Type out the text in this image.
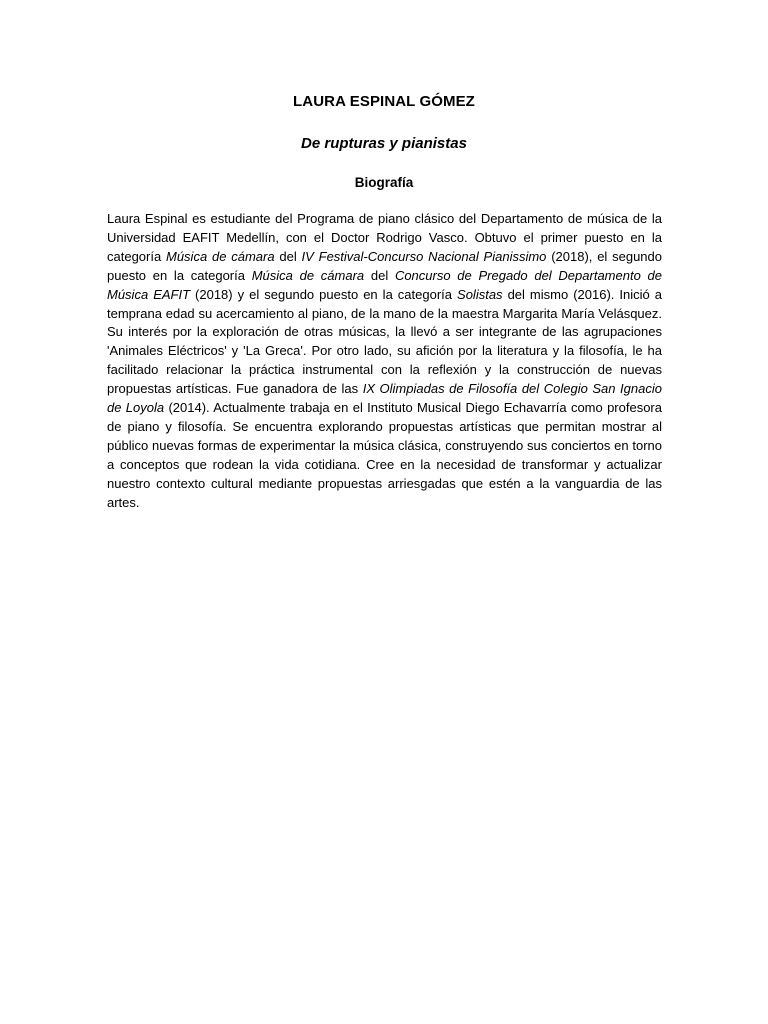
LAURA ESPINAL GÓMEZ
De rupturas y pianistas
Biografía

Laura Espinal es estudiante del Programa de piano clásico del Departamento de música de la Universidad EAFIT Medellín, con el Doctor Rodrigo Vasco. Obtuvo el primer puesto en la categoría Música de cámara del IV Festival-Concurso Nacional Pianissimo (2018), el segundo puesto en la categoría Música de cámara del Concurso de Pregado del Departamento de Música EAFIT (2018) y el segundo puesto en la categoría Solistas del mismo (2016). Inició a temprana edad su acercamiento al piano, de la mano de la maestra Margarita María Velásquez. Su interés por la exploración de otras músicas, la llevó a ser integrante de las agrupaciones 'Animales Eléctricos' y 'La Greca'. Por otro lado, su afición por la literatura y la filosofía, le ha facilitado relacionar la práctica instrumental con la reflexión y la construcción de nuevas propuestas artísticas. Fue ganadora de las IX Olimpiadas de Filosofía del Colegio San Ignacio de Loyola (2014). Actualmente trabaja en el Instituto Musical Diego Echavarría como profesora de piano y filosofía. Se encuentra explorando propuestas artísticas que permitan mostrar al público nuevas formas de experimentar la música clásica, construyendo sus conciertos en torno a conceptos que rodean la vida cotidiana. Cree en la necesidad de transformar y actualizar nuestro contexto cultural mediante propuestas arriesgadas que estén a la vanguardia de las artes.
